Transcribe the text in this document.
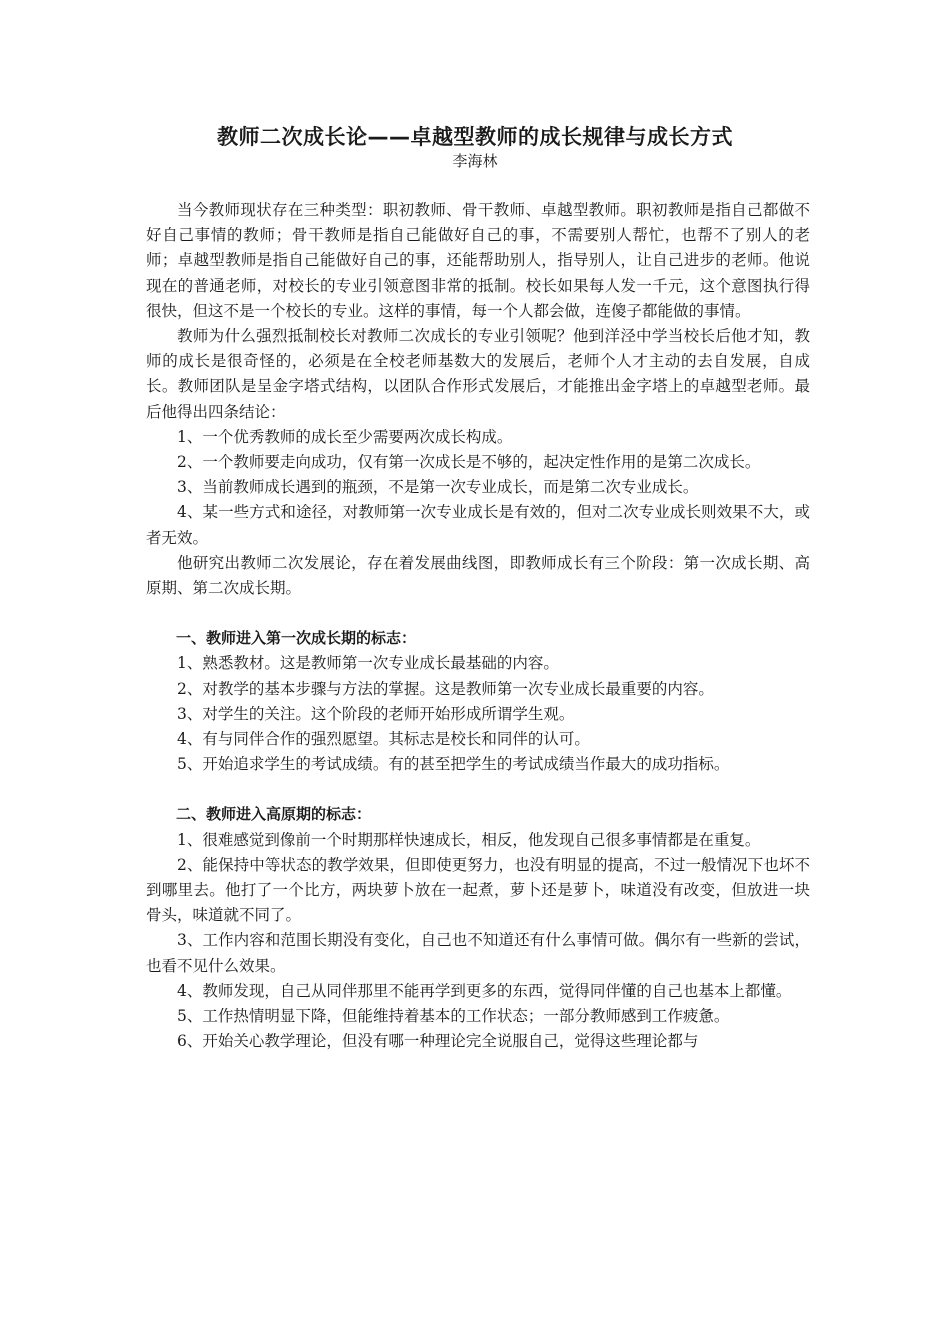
教师二次成长论——卓越型教师的成长规律与成长方式
李海林

当今教师现状存在三种类型：职初教师、骨干教师、卓越型教师。职初教师是指自己都做不好自己事情的教师；骨干教师是指自己能做好自己的事，不需要别人帮忙，也帮不了别人的老师；卓越型教师是指自己能做好自己的事，还能帮助别人，指导别人，让自己进步的老师。他说现在的普通老师，对校长的专业引领意图非常的抵制。校长如果每人发一千元，这个意图执行得很快，但这不是一个校长的专业。这样的事情，每一个人都会做，连傻子都能做的事情。

教师为什么强烈抵制校长对教师二次成长的专业引领呢？他到洋泾中学当校长后他才知，教师的成长是很奇怪的，必须是在全校老师基数大的发展后，老师个人才主动的去自发展，自成长。教师团队是呈金字塔式结构，以团队合作形式发展后，才能推出金字塔上的卓越型老师。最后他得出四条结论：

1、一个优秀教师的成长至少需要两次成长构成。

2、一个教师要走向成功，仅有第一次成长是不够的，起决定性作用的是第二次成长。

3、当前教师成长遇到的瓶颈，不是第一次专业成长，而是第二次专业成长。

4、某一些方式和途径，对教师第一次专业成长是有效的，但对二次专业成长则效果不大，或者无效。

他研究出教师二次发展论，存在着发展曲线图，即教师成长有三个阶段：第一次成长期、高原期、第二次成长期。

一、教师进入第一次成长期的标志：

1、熟悉教材。这是教师第一次专业成长最基础的内容。

2、对教学的基本步骤与方法的掌握。这是教师第一次专业成长最重要的内容。

3、对学生的关注。这个阶段的老师开始形成所谓学生观。

4、有与同伴合作的强烈愿望。其标志是校长和同伴的认可。

5、开始追求学生的考试成绩。有的甚至把学生的考试成绩当作最大的成功指标。

二、教师进入高原期的标志：

1、很难感觉到像前一个时期那样快速成长，相反，他发现自己很多事情都是在重复。

2、能保持中等状态的教学效果，但即使更努力，也没有明显的提高，不过一般情况下也坏不到哪里去。他打了一个比方，两块萝卜放在一起煮，萝卜还是萝卜，味道没有改变，但放进一块骨头，味道就不同了。

3、工作内容和范围长期没有变化，自己也不知道还有什么事情可做。偶尔有一些新的尝试，也看不见什么效果。

4、教师发现，自己从同伴那里不能再学到更多的东西，觉得同伴懂的自己也基本上都懂。

5、工作热情明显下降，但能维持着基本的工作状态；一部分教师感到工作疲惫。

6、开始关心教学理论，但没有哪一种理论完全说服自己，觉得这些理论都与
